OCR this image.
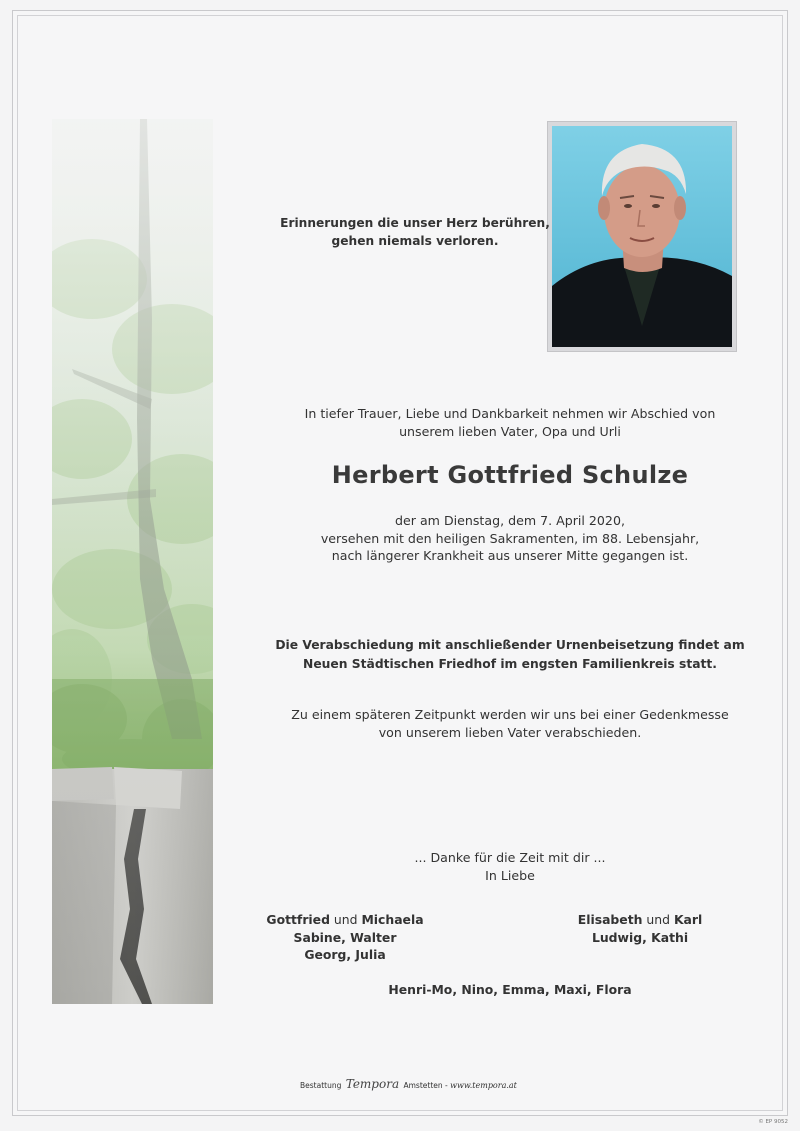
Erinnerungen die unser Herz berühren,
gehen niemals verloren.
In tiefer Trauer, Liebe und Dankbarkeit nehmen wir Abschied von
unserem lieben Vater, Opa und Urli
Herbert Gottfried Schulze
der am Dienstag, dem 7. April 2020,
versehen mit den heiligen Sakramenten, im 88. Lebensjahr,
nach längerer Krankheit aus unserer Mitte gegangen ist.
Die Verabschiedung mit anschließender Urnenbeisetzung findet am
Neuen Städtischen Friedhof im engsten Familienkreis statt.
Zu einem späteren Zeitpunkt werden wir uns bei einer Gedenkmesse
von unserem lieben Vater verabschieden.
... Danke für die Zeit mit dir ...
In Liebe
Gottfried und Michaela
Sabine, Walter
Georg, Julia
Elisabeth und Karl
Ludwig, Kathi
Henri-Mo, Nino, Emma, Maxi, Flora
Bestattung Tempora Amstetten - www.tempora.at
© EP 9052
